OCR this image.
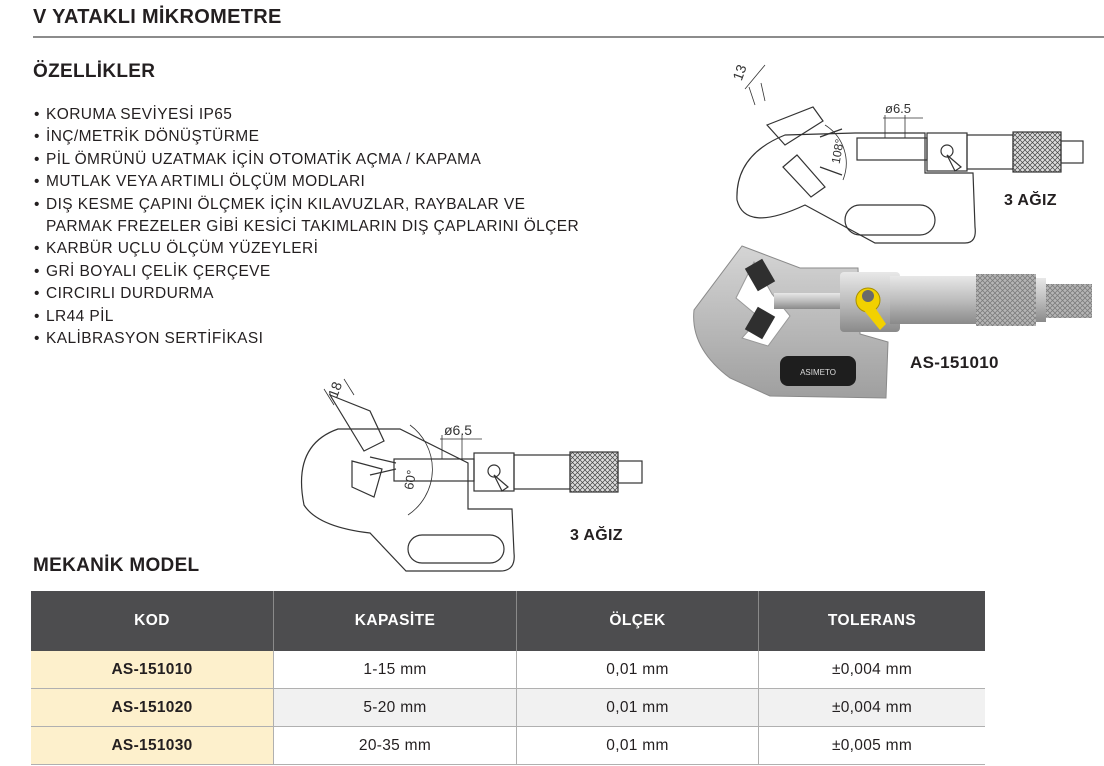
V YATAKLI MİKROMETRE
ÖZELLİKLER
• KORUMA SEVİYESİ IP65
• İNÇ/METRİK DÖNÜŞTÜRME
• PİL ÖMRÜNÜ UZATMAK İÇİN OTOMATİK AÇMA / KAPAMA
• MUTLAK VEYA ARTIMLI ÖLÇÜM MODLARI
• DIŞ KESME ÇAPINI ÖLÇMEK İÇİN KILAVUZLAR, RAYBALAR VE
PARMAK FREZELER GİBİ KESİCİ TAKIMLARIN DIŞ ÇAPLARINI ÖLÇER
• KARBÜR UÇLU ÖLÇÜM YÜZEYLERİ
• GRİ BOYALI ÇELİK ÇERÇEVE
• CIRCIRLI DURDURMA
• LR44 PİL
• KALİBRASYON SERTİFİKASI
13
ø6.5
108°
3 AĞIZ
ASIMETO
AS-151010
18
ø6.5
60°
3 AĞIZ
MEKANİK MODEL
KOD	KAPASİTE	ÖLÇEK	TOLERANS
AS-151010	1-15 mm	0,01 mm	±0,004 mm
AS-151020	5-20 mm	0,01 mm	±0,004 mm
AS-151030	20-35 mm	0,01 mm	±0,005 mm
